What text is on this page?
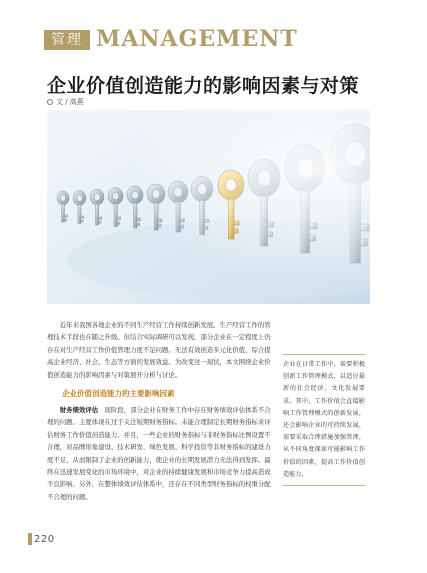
管理 MANAGEMENT
企业价值创造能力的影响因素与对策
文 / 高燕

近年来我国各地企业的不同生产经营工作持续创新发展。生产经营工作的管理技术手段也在随之升级。但结合实际调研可以发现，部分企业在一定程度上仍存在对生产经营工作价值管理力度不足问题。无法有效创造多元化价值，综合提高企业经济、社会、生态等方面的发展效益。为改变这一现状，本文围绕企业价值创造能力的影响因素与对策展开分析与讨论。

企业价值创造能力的主要影响因素

财务绩效评估　 现阶段，部分企业在财务工作中存在财务绩效评估体系不合理的问题。主要体现在过于关注短期财务指标。未能合理制定长期财务指标来评估财务工作价值创造能力。并且，一些企业的财务指标与非财务指标比例设置不合理，对品牌形象建设、技术研发、绿色发展、科学投资等非财务指标的建设力度不足，从而限制了企业的创新能力，使企业的长期发展潜力无法得到发挥。最终在迅速发展变化的市场环境中，对企业的持续健康发展和市场竞争力提高造成不良影响。另外，在整体绩效评估体系中，还存在不同类型财务指标的权重分配不合理的问题。

企业在日常工作中，需要积极创新工作管理模式，以适应最新的社会经济、文化发展要求。其中，工作价值会直接影响工作管理模式的创新发展，还会影响企业的可持续发展，需要采取合理措施加强管理，从不同角度探索可能影响工作价值的因素，提高工作价值创造能力。
220
